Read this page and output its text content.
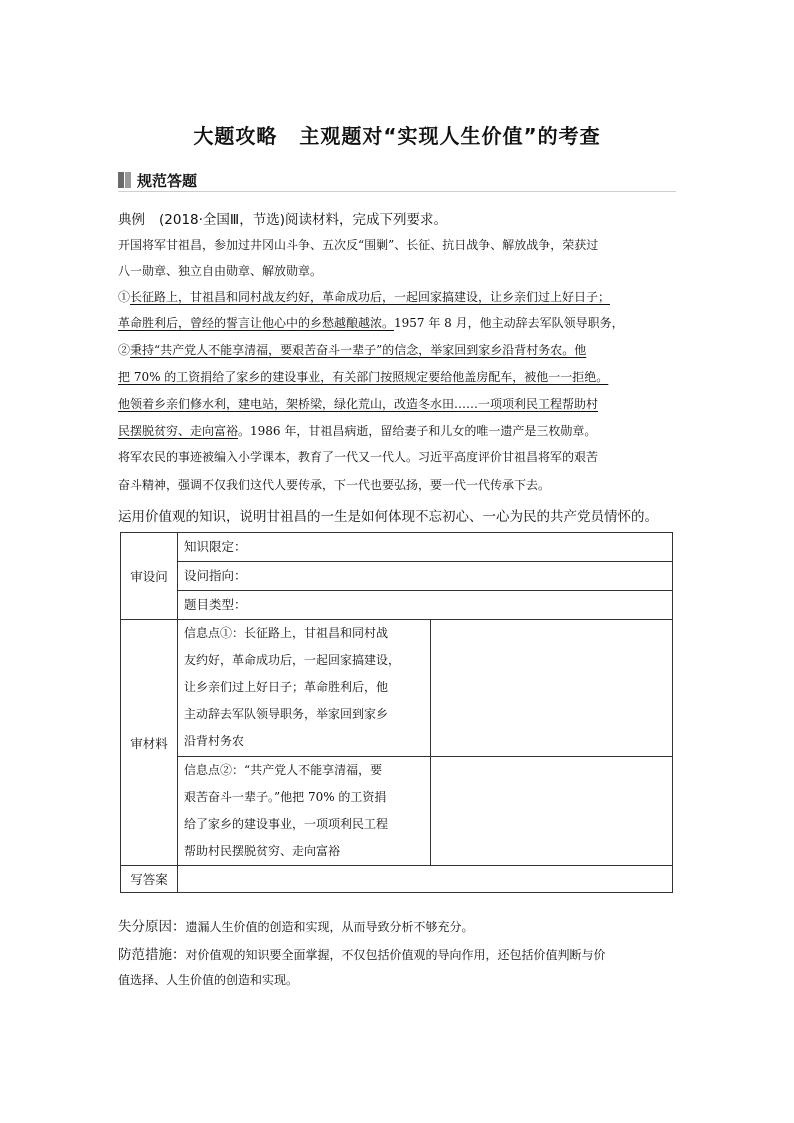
大题攻略 主观题对“实现人生价值”的考查
规范答题
典例 (2018·全国Ⅲ，节选)阅读材料，完成下列要求。
开国将军甘祖昌，参加过井冈山斗争、五次反“围剿”、长征、抗日战争、解放战争，荣获过
八一勋章、独立自由勋章、解放勋章。
①长征路上，甘祖昌和同村战友约好，革命成功后，一起回家搞建设，让乡亲们过上好日子；
革命胜利后，曾经的誓言让他心中的乡愁越酿越浓。1957 年 8 月，他主动辞去军队领导职务，
②秉持“共产党人不能享清福，要艰苦奋斗一辈子”的信念，举家回到家乡沿背村务农。他
把 70% 的工资捐给了家乡的建设事业，有关部门按照规定要给他盖房配车，被他一一拒绝。
他领着乡亲们修水利，建电站，架桥梁，绿化荒山，改造冬水田……一项项利民工程帮助村
民摆脱贫穷、走向富裕。1986 年，甘祖昌病逝，留给妻子和儿女的唯一遗产是三枚勋章。
将军农民的事迹被编入小学课本，教育了一代又一代人。习近平高度评价甘祖昌将军的艰苦
奋斗精神，强调不仅我们这代人要传承，下一代也要弘扬，要一代一代传承下去。
运用价值观的知识，说明甘祖昌的一生是如何体现不忘初心、一心为民的共产党员情怀的。
审设问	知识限定：	

	设问指向：	

	题目类型：	

审材料	信息点①：长征路上，甘祖昌和同村战
友约好，革命成功后，一起回家搞建设，
让乡亲们过上好日子；革命胜利后，他
主动辞去军队领导职务，举家回到家乡
沿背村务农	

	信息点②：“共产党人不能享清福，要
艰苦奋斗一辈子。”他把 70% 的工资捐
给了家乡的建设事业，一项项利民工程
帮助村民摆脱贫穷、走向富裕	

写答案		
失分原因：遗漏人生价值的创造和实现，从而导致分析不够充分。
防范措施：对价值观的知识要全面掌握，不仅包括价值观的导向作用，还包括价值判断与价
值选择、人生价值的创造和实现。
